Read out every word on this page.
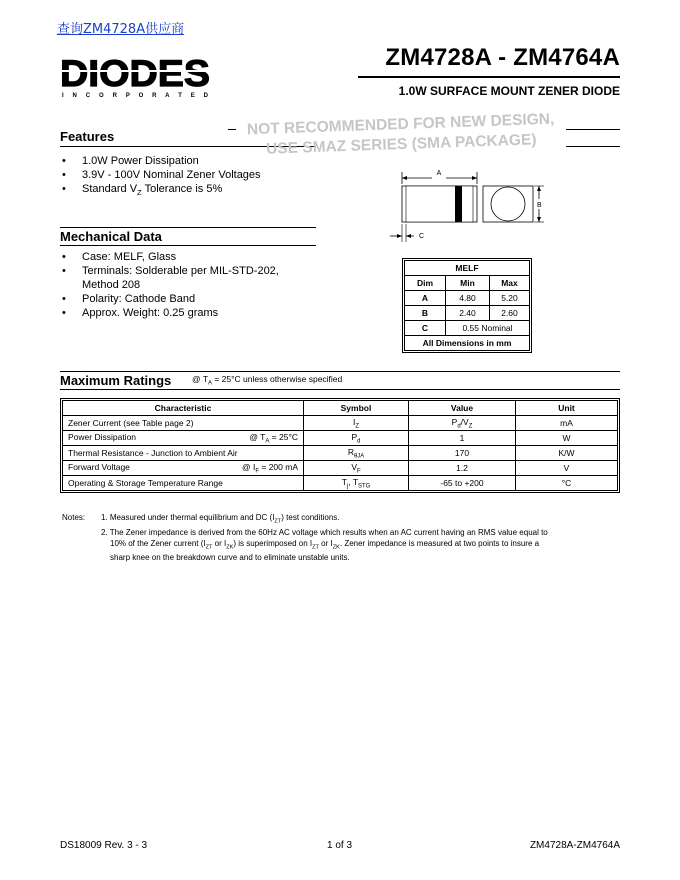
查询ZM4728A供应商
DIODES
I N C O R P O R A T E D
ZM4728A - ZM4764A
1.0W SURFACE MOUNT ZENER DIODE
Features	NOT RECOMMENDED FOR NEW DESIGN,
USE SMAZ SERIES (SMA PACKAGE)
• 1.0W Power Dissipation
• 3.9V - 100V Nominal Zener Voltages
• Standard $V_Z$ Tolerance is 5%
Mechanical Data
• Case: MELF, Glass
• Terminals: Solderable per MIL-STD-202,
Method 208
• Polarity: Cathode Band
• Approx. Weight: 0.25 grams
A
B
C
MELF		
Dim	Min	Max
A	4.80	5.20
B	2.40	2.60
C	0.55 Nominal	
All Dimensions in mm		
Maximum Ratings @ $T_A = 25^\circ C$ unless otherwise specified
Characteristic	Symbol	Value	Unit
Zener Current (see Table page 2)	$I_Z$	$P_d/V_Z$	mA
Power Dissipation @ $T_A = 25^\circ C$	$P_d$	1	W
Thermal Resistance - Junction to Ambient Air	$R_{\theta JA}$	170	K/W
Forward Voltage @ $I_F = 200$ mA	$V_F$	1.2	V
Operating & Storage Temperature Range	$T_j$, $T_{STG}$	-65 to +200	°C
Notes: 1. Measured under thermal equilibrium and DC $(I_{ZT})$ test conditions.
2. The Zener impedance is derived from the 60Hz AC voltage which results when an AC current having an RMS value equal to
10% of the Zener current ($I_{ZT}$ or $I_{ZK}$) is superimposed on $I_{ZT}$ or $I_{ZK}$. Zener impedance is measured at two points to insure a
sharp knee on the breakdown curve and to eliminate unstable units.
DS18009 Rev. 3 - 3	1 of 3	ZM4728A-ZM4764A
